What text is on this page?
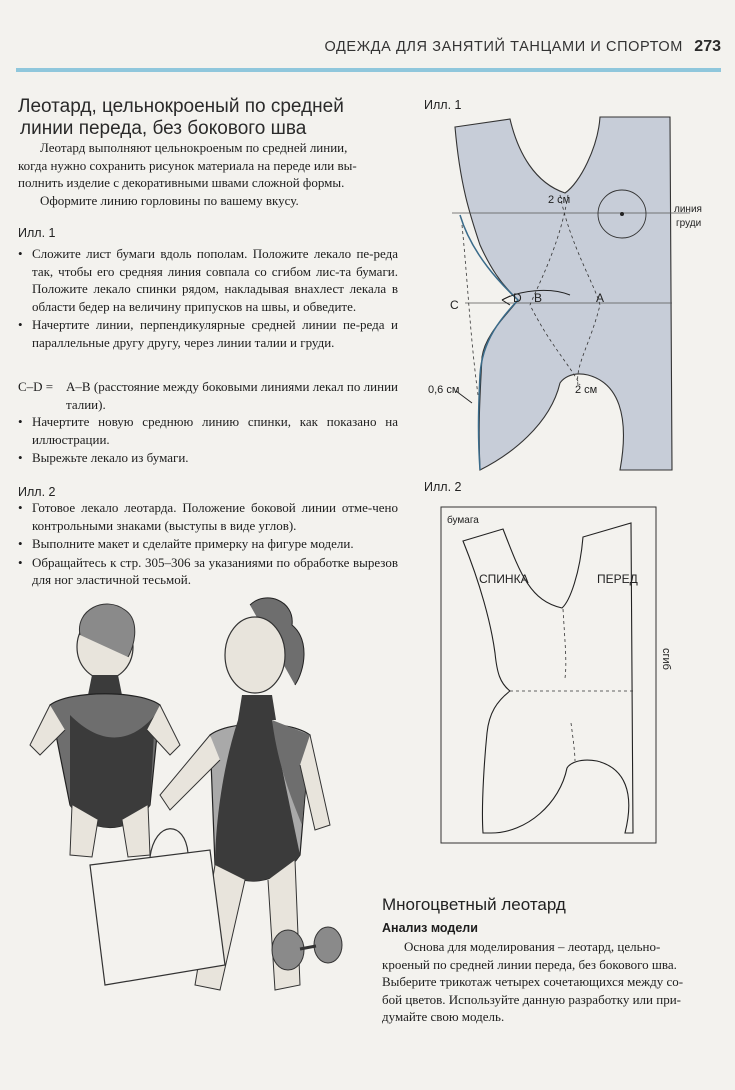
ОДЕЖДА ДЛЯ ЗАНЯТИЙ ТАНЦАМИ И СПОРТОМ 273
Леотард, цельнокроеный по средней
линии переда, без бокового шва
Леотард выполняют цельнокроеным по средней линии,
когда нужно сохранить рисунок материала на переде или вы-
полнить изделие с декоративными швами сложной формы.
Оформите линию горловины по вашему вкусу.
Илл. 1
• Сложите лист бумаги вдоль пополам. Положите лекало пе-реда так, чтобы его средняя линия совпала со сгибом лис-та бумаги. Положите лекало спинки рядом, накладывая внахлест лекала в области бедер на величину припусков на швы, и обведите.
• Начертите линии, перпендикулярные средней линии пе-реда и параллельные другу другу, через линии талии и груди.
C–D = A–B (расстояние между боковыми линиями лекал по линии талии).
• Начертите новую среднюю линию спинки, как показано на иллюстрации.
• Вырежьте лекало из бумаги.
Илл. 2
• Готовое лекало леотарда. Положение боковой линии отме-чено контрольными знаками (выступы в виде углов).
• Выполните макет и сделайте примерку на фигуре модели.
• Обращайтесь к стр. 305–306 за указаниями по обработке вырезов для ног эластичной тесьмой.
Илл. 1
2 см
2 см
0,6 см
линия
груди
C	D B	A
Илл. 2
бумага
СПИНКА	ПЕРЕД
сгиб
Многоцветный леотард
Анализ модели
Основа для моделирования – леотард, цельно-
кроеный по средней линии переда, без бокового шва.
Выберите трикотаж четырех сочетающихся между со-
бой цветов. Используйте данную разработку или при-
думайте свою модель.
